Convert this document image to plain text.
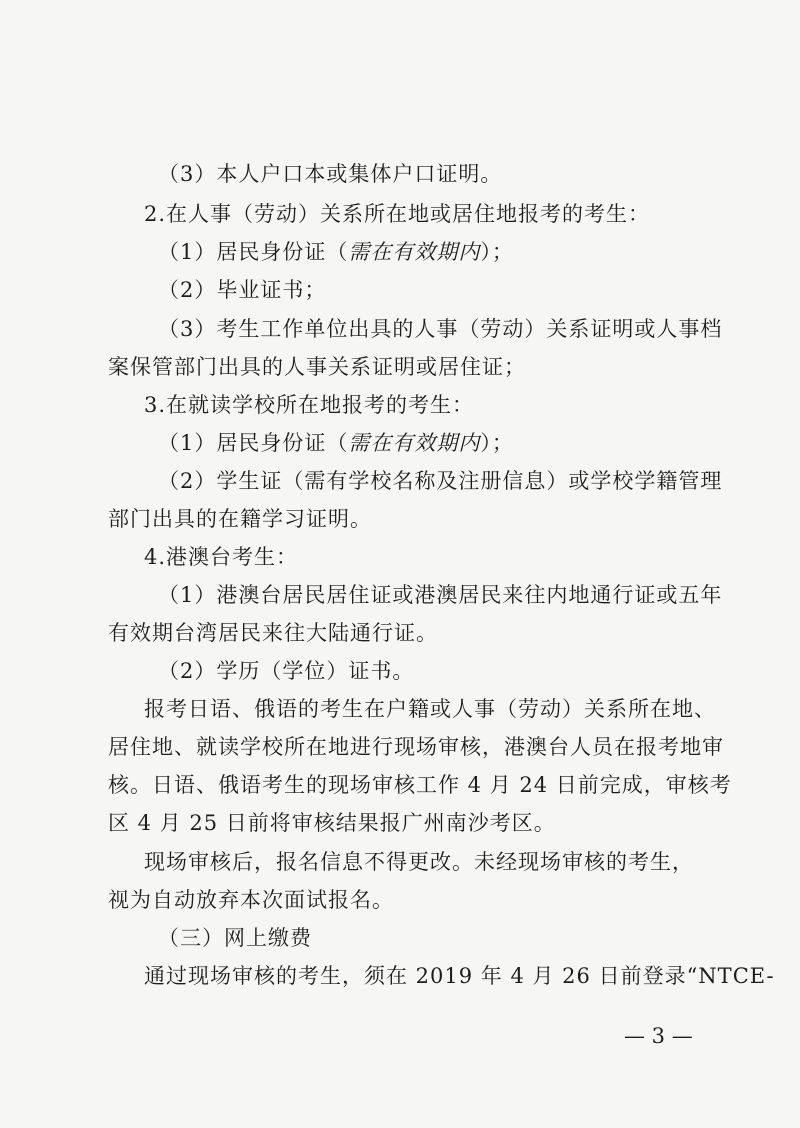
（3）本人户口本或集体户口证明。
2.在人事（劳动）关系所在地或居住地报考的考生：
（1）居民身份证（需在有效期内）；
（2）毕业证书；
（3）考生工作单位出具的人事（劳动）关系证明或人事档
案保管部门出具的人事关系证明或居住证；
3.在就读学校所在地报考的考生：
（1）居民身份证（需在有效期内）；
（2）学生证（需有学校名称及注册信息）或学校学籍管理
部门出具的在籍学习证明。
4.港澳台考生：
（1）港澳台居民居住证或港澳居民来往内地通行证或五年
有效期台湾居民来往大陆通行证。
（2）学历（学位）证书。
报考日语、俄语的考生在户籍或人事（劳动）关系所在地、
居住地、就读学校所在地进行现场审核，港澳台人员在报考地审
核。日语、俄语考生的现场审核工作 4 月 24 日前完成，审核考
区 4 月 25 日前将审核结果报广州南沙考区。
现场审核后，报名信息不得更改。未经现场审核的考生，
视为自动放弃本次面试报名。
（三）网上缴费
通过现场审核的考生，须在 2019 年 4 月 26 日前登录“NTCE-
— 3 —
